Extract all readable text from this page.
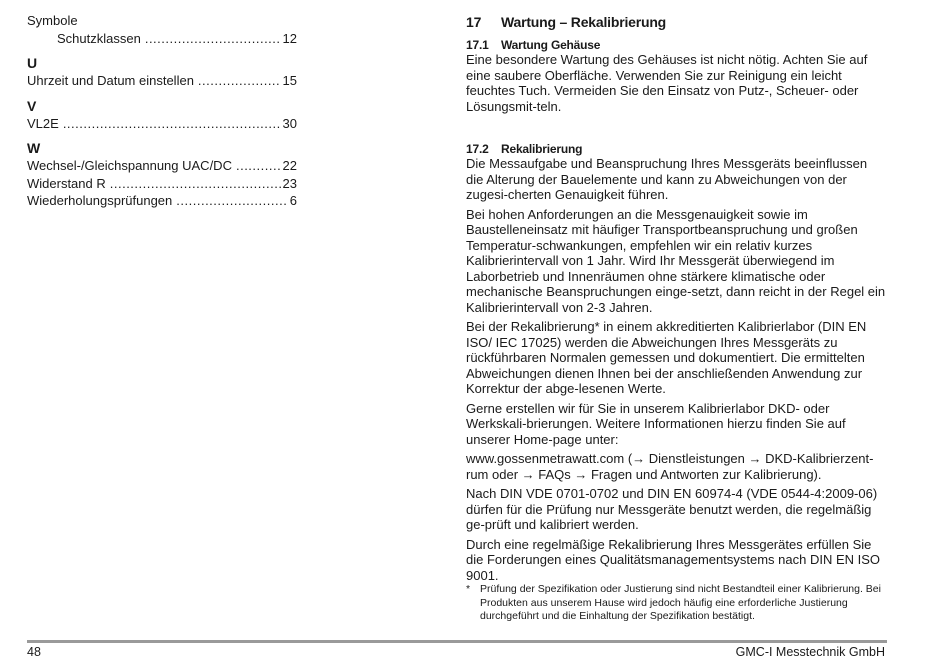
Symbole
Schutzklassen .....	12
U
Uhrzeit und Datum einstellen .....	15
V
VL2E .....	30
W
Wechsel-/Gleichspannung UAC/DC .....	22
Widerstand R .....	23
Wiederholungsprüfungen .....	6
17	Wartung – Rekalibrierung
17.1	Wartung Gehäuse

Eine besondere Wartung des Gehäuses ist nicht nötig. Achten Sie auf eine saubere Oberfläche. Verwenden Sie zur Reinigung ein leicht feuchtes Tuch. Vermeiden Sie den Einsatz von Putz-, Scheuer- oder Lösungsmit-teln.

17.2	Rekalibrierung

Die Messaufgabe und Beanspruchung Ihres Messgeräts beeinflussen die Alterung der Bauelemente und kann zu Abweichungen von der zugesi-cherten Genauigkeit führen.

Bei hohen Anforderungen an die Messgenauigkeit sowie im Baustelleneinsatz mit häufiger Transportbeanspruchung und großen Temperatur-schwankungen, empfehlen wir ein relativ kurzes Kalibrierintervall von 1 Jahr. Wird Ihr Messgerät überwiegend im Laborbetrieb und Innenräumen ohne stärkere klimatische oder mechanische Beanspruchungen einge-setzt, dann reicht in der Regel ein Kalibrierintervall von 2-3 Jahren.

Bei der Rekalibrierung* in einem akkreditierten Kalibrierlabor (DIN EN ISO/ IEC 17025) werden die Abweichungen Ihres Messgeräts zu rückführbaren Normalen gemessen und dokumentiert. Die ermittelten Abweichungen dienen Ihnen bei der anschließenden Anwendung zur Korrektur der abge-lesenen Werte.

Gerne erstellen wir für Sie in unserem Kalibrierlabor DKD- oder Werkskali-brierungen. Weitere Informationen hierzu finden Sie auf unserer Home-page unter:

www.gossenmetrawatt.com (→ Dienstleistungen → DKD-Kalibrierzent-rum oder → FAQs → Fragen und Antworten zur Kalibrierung).

Nach DIN VDE 0701-0702 und DIN EN 60974-4 (VDE 0544-4:2009-06) dürfen für die Prüfung nur Messgeräte benutzt werden, die regelmäßig ge-prüft und kalibriert werden.

Durch eine regelmäßige Rekalibrierung Ihres Messgerätes erfüllen Sie die Forderungen eines Qualitätsmanagementsystems nach DIN EN ISO 9001.

* Prüfung der Spezifikation oder Justierung sind nicht Bestandteil einer Kalibrierung. Bei Produkten aus unserem Hause wird jedoch häufig eine erforderliche Justierung durchgeführt und die Einhaltung der Spezifikation bestätigt.
48	GMC-I Messtechnik GmbH
